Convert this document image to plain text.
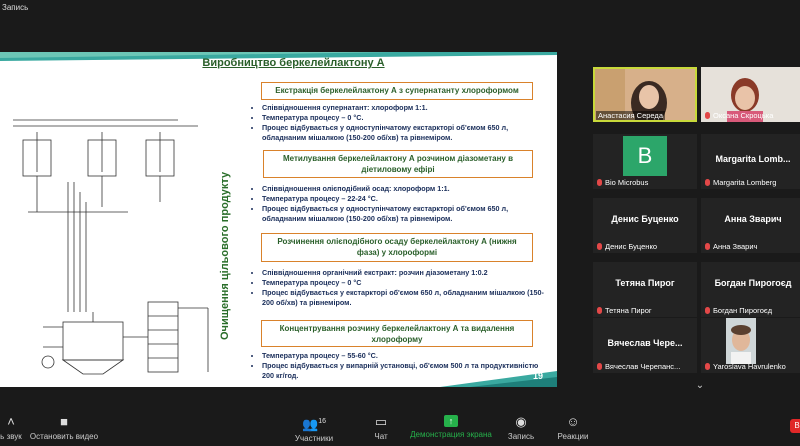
Запись
Виробництво беркелейлактону А
Очищення цільового продукту
Екстракція беркелейлактону А з супернатанту хлороформом
• Співвідношення супернатант: хлороформ 1:1.
• Температура процесу – 0 °С.
• Процес відбувається у одноступінчатому екстаркторі об'ємом 650 л, обладнаним мішалкою (150-200 об/хв) та рівнеміром.
Метилування беркелейлактону А розчином діазометану в діетиловому ефірі
• Співвідношення олієподібний осад: хлороформ 1:1.
• Температура процесу – 22-24 °С.
• Процес відбувається у одноступінчатому екстаркторі об'ємом 650 л, обладнаним мішалкою (150-200 об/хв) та рівнеміром.
Розчинення олієподібного осаду беркелейлактону А (нижня фаза) у хлороформі
• Співвідношення органічний екстракт: розчин діазометану 1:0.2
• Температура процесу – 0 °С
• Процес відбувається у екстаркторі об'ємом 650 л, обладнаним мішалкою (150-200 об/хв) та рівнеміром.
Концентрування розчину беркелейлактону А та видалення хлороформу
• Температура процесу – 55-60 °С.
• Процес відбувається у випарній установці, об'ємом 500 л та продуктивністю 200 кг/год.	19
Анастасия Середа	Оксана Скроцька
B
Bio Microbus
Margarita Lomb...
Margarita Lomberg
Денис Буценко
Денис Буценко
Анна Зварич
Анна Зварич
Тетяна Пирог
Тетяна Пирог
Богдан Пирогоєд
Богдан Пирогоєд
Вячеслав Чере...
Вячеслав Черепанс...	Yaroslava Havrulenko
⌄
˄
ь звук
■
Остановить видео
👥$^{16}$
Участники
▭
Чат
↑
Демонстрация экрана
◉
Запись
☺
Реакции
В
